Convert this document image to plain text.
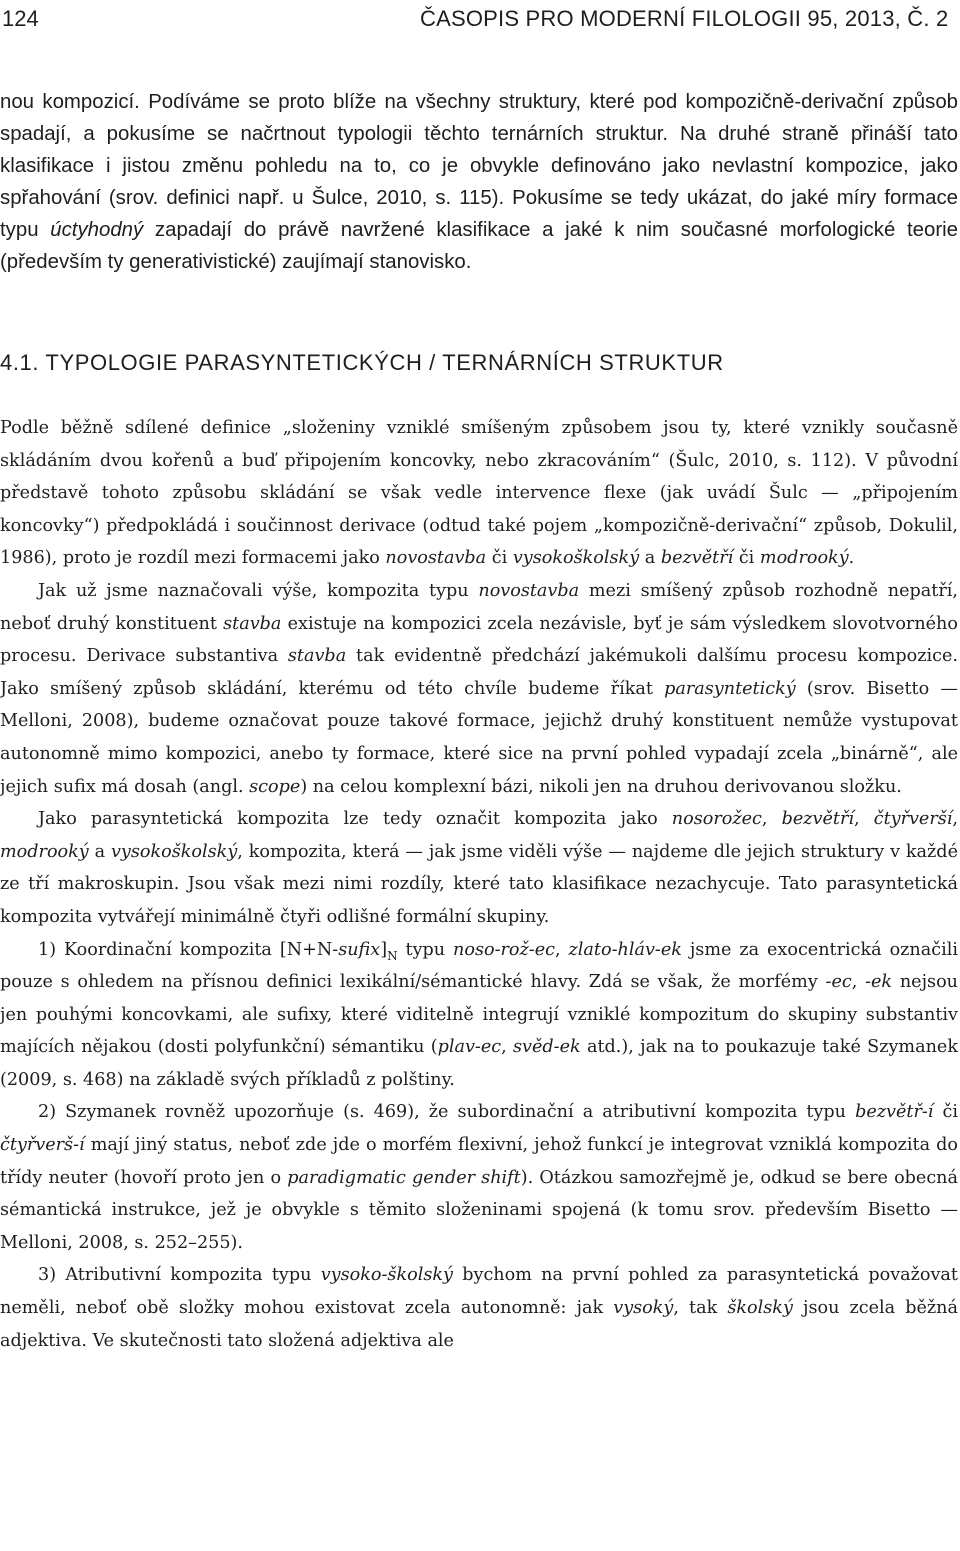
124	ČASOPIS PRO MODERNÍ FILOLOGII 95, 2013, Č. 2

nou kompozicí. Podíváme se proto blíže na všechny struktury, které pod kompozičně-derivační způsob spadají, a pokusíme se načrtnout typologii těchto ternárních struktur. Na druhé straně přináší tato klasifikace i jistou změnu pohledu na to, co je obvykle definováno jako nevlastní kompozice, jako spřahování (srov. definici např. u Šulce, 2010, s. 115). Pokusíme se tedy ukázat, do jaké míry formace typu úctyhodný zapadají do právě navržené klasifikace a jaké k nim současné morfologické teorie (především ty generativistické) zaujímají stanovisko.

4.1. TYPOLOGIE PARASYNTETICKÝCH / TERNÁRNÍCH STRUKTUR

Podle běžně sdílené definice „složeniny vzniklé smíšeným způsobem jsou ty, které vznikly současně skládáním dvou kořenů a buď připojením koncovky, nebo zkracováním“ (Šulc, 2010, s. 112). V původní představě tohoto způsobu skládání se však vedle intervence flexe (jak uvádí Šulc — „připojením koncovky“) předpokládá i součinnost derivace (odtud také pojem „kompozičně-derivační“ způsob, Dokulil, 1986), proto je rozdíl mezi formacemi jako novostavba či vysokoškolský a bezvětří či modrooký.

Jak už jsme naznačovali výše, kompozita typu novostavba mezi smíšený způsob rozhodně nepatří, neboť druhý konstituent stavba existuje na kompozici zcela nezávisle, byť je sám výsledkem slovotvorného procesu. Derivace substantiva stavba tak evidentně předchází jakémukoli dalšímu procesu kompozice. Jako smíšený způsob skládání, kterému od této chvíle budeme říkat parasyntetický (srov. Bisetto — Melloni, 2008), budeme označovat pouze takové formace, jejichž druhý konstituent nemůže vystupovat autonomně mimo kompozici, anebo ty formace, které sice na první pohled vypadají zcela „binárně“, ale jejich sufix má dosah (angl. scope) na celou komplexní bázi, nikoli jen na druhou derivovanou složku.

Jako parasyntetická kompozita lze tedy označit kompozita jako nosorožec, bezvětří, čtyřverší, modrooký a vysokoškolský, kompozita, která — jak jsme viděli výše — najdeme dle jejich struktury v každé ze tří makroskupin. Jsou však mezi nimi rozdíly, které tato klasifikace nezachycuje. Tato parasyntetická kompozita vytvářejí minimálně čtyři odlišné formální skupiny.

1) Koordinační kompozita $[N+N-sufix]_N$ typu noso-rož-ec, zlato-hláv-ek jsme za exocentrická označili pouze s ohledem na přísnou definici lexikální/sémantické hlavy. Zdá se však, že morfémy -ec, -ek nejsou jen pouhými koncovkami, ale sufixy, které viditelně integrují vzniklé kompozitum do skupiny substantiv majících nějakou (dosti polyfunkční) sémantiku (plav-ec, svěd-ek atd.), jak na to poukazuje také Szymanek (2009, s. 468) na základě svých příkladů z polštiny.

2) Szymanek rovněž upozorňuje (s. 469), že subordinační a atributivní kompozita typu bezvětř-í či čtyřverš-í mají jiný status, neboť zde jde o morfém flexivní, jehož funkcí je integrovat vzniklá kompozita do třídy neuter (hovoří proto jen o paradigmatic gender shift). Otázkou samozřejmě je, odkud se bere obecná sémantická instrukce, jež je obvykle s těmito složeninami spojená (k tomu srov. především Bisetto — Melloni, 2008, s. 252–255).

3) Atributivní kompozita typu vysoko-školský bychom na první pohled za parasyntetická považovat neměli, neboť obě složky mohou existovat zcela autonomně: jak vysoký, tak školský jsou zcela běžná adjektiva. Ve skutečnosti tato složená adjektiva ale
